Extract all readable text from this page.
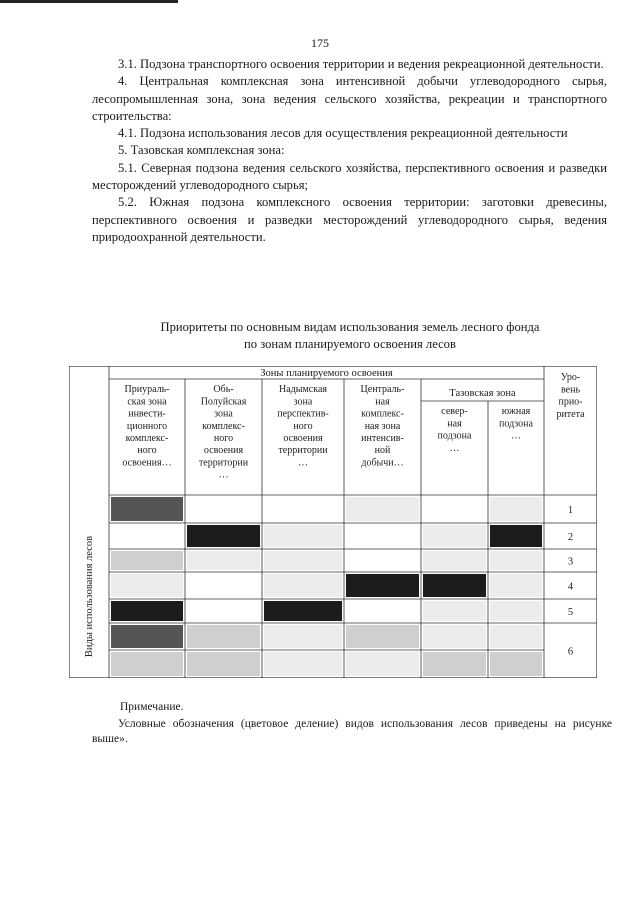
175

3.1. Подзона транспортного освоения территории и ведения рекреационной деятельности.

4. Центральная комплексная зона интенсивной добычи углеводородного сырья, лесопромышленная зона, зона ведения сельского хозяйства, рекреации и транспортного строительства:

4.1. Подзона использования лесов для осуществления рекреационной деятельности

5. Тазовская комплексная зона:

5.1. Северная подзона ведения сельского хозяйства, перспективного освоения и разведки месторождений углеводородного сырья;

5.2. Южная подзона комплексного освоения территории: заготовки древесины, перспективного освоения и разведки месторождений углеводородного сырья, ведения природоохранной деятельности.

Приоритеты по основным видам использования земель лесного фонда
по зонам планируемого освоения лесов
Зоны планируемого освоения
Приураль-
ская зона
инвести-
ционного
комплекс-
ного
освоения…
Обь-
Полуйская
зона
комплекс-
ного
освоения
территории
…
Надымская
зона
перспектив-
ного
освоения
территории
…
Централь-
ная
комплекс-
ная зона
интенсив-
ной
добычи…
Тазовская зона
север-
ная
подзона
…
южная
подзона
…
Уро-
вень
прио-
ритета
Виды использования лесов
1
2
3
4
5
6
Примечание.
Условные обозначения (цветовое деление) видов использования лесов приведены на рисунке выше».
